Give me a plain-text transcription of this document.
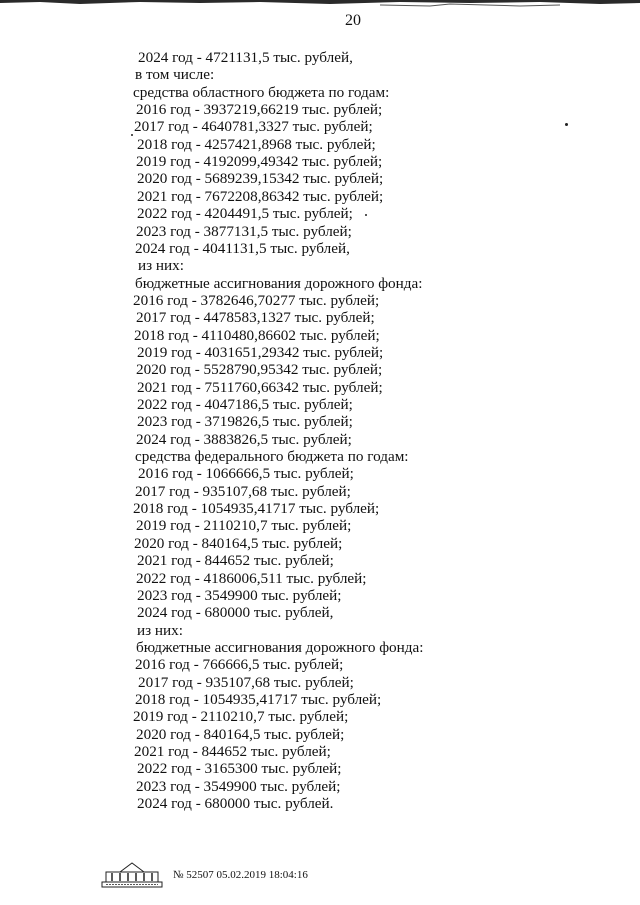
20
2024 год - 4721131,5 тыс. рублей,
в том числе:
средства областного бюджета по годам:
2016 год - 3937219,66219 тыс. рублей;
2017 год - 4640781,3327 тыс. рублей;
2018 год - 4257421,8968 тыс. рублей;
2019 год - 4192099,49342 тыс. рублей;
2020 год - 5689239,15342 тыс. рублей;
2021 год - 7672208,86342 тыс. рублей;
2022 год - 4204491,5 тыс. рублей;
2023 год - 3877131,5 тыс. рублей;
2024 год - 4041131,5 тыс. рублей,
из них:
бюджетные ассигнования дорожного фонда:
2016 год - 3782646,70277 тыс. рублей;
2017 год - 4478583,1327 тыс. рублей;
2018 год - 4110480,86602 тыс. рублей;
2019 год - 4031651,29342 тыс. рублей;
2020 год - 5528790,95342 тыс. рублей;
2021 год - 7511760,66342 тыс. рублей;
2022 год - 4047186,5 тыс. рублей;
2023 год - 3719826,5 тыс. рублей;
2024 год - 3883826,5 тыс. рублей;
средства федерального бюджета по годам:
2016 год - 1066666,5 тыс. рублей;
2017 год - 935107,68 тыс. рублей;
2018 год - 1054935,41717 тыс. рублей;
2019 год - 2110210,7 тыс. рублей;
2020 год - 840164,5 тыс. рублей;
2021 год - 844652 тыс. рублей;
2022 год - 4186006,511 тыс. рублей;
2023 год - 3549900 тыс. рублей;
2024 год - 680000 тыс. рублей,
из них:
бюджетные ассигнования дорожного фонда:
2016 год - 766666,5 тыс. рублей;
2017 год - 935107,68 тыс. рублей;
2018 год - 1054935,41717 тыс. рублей;
2019 год - 2110210,7 тыс. рублей;
2020 год - 840164,5 тыс. рублей;
2021 год - 844652 тыс. рублей;
2022 год - 3165300 тыс. рублей;
2023 год - 3549900 тыс. рублей;
2024 год - 680000 тыс. рублей.
№ 52507 05.02.2019 18:04:16
